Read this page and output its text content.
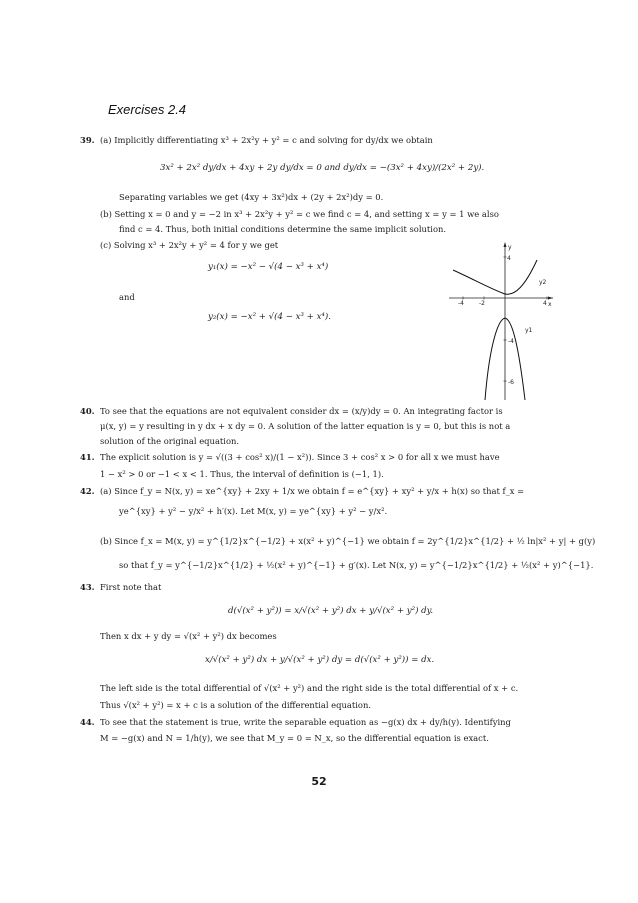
Exercises 2.4
39. (a) Implicitly differentiating x³ + 2x²y + y² = c and solving for dy/dx we obtain
3x² + 2x² dy/dx + 4xy + 2y dy/dx = 0 and dy/dx = −(3x² + 4xy)/(2x² + 2y).
Separating variables we get (4xy + 3x²)dx + (2y + 2x²)dy = 0.
(b) Setting x = 0 and y = −2 in x³ + 2x²y + y² = c we find c = 4, and setting x = y = 1 we also
find c = 4. Thus, both initial conditions determine the same implicit solution.
(c) Solving x³ + 2x²y + y² = 4 for y we get
y₁(x) = −x² − √(4 − x³ + x⁴)
and
y₂(x) = −x² + √(4 − x³ + x⁴).
y
x
4
-4	-2	4
-4
-6
y2
y1
40. To see that the equations are not equivalent consider dx = (x/y)dy = 0. An integrating factor is
μ(x, y) = y resulting in y dx + x dy = 0. A solution of the latter equation is y = 0, but this is not a
solution of the original equation.
41. The explicit solution is y = √((3 + cos² x)/(1 − x²)). Since 3 + cos² x > 0 for all x we must have
1 − x² > 0 or −1 < x < 1. Thus, the interval of definition is (−1, 1).
42. (a) Since f_y = N(x, y) = xe^{xy} + 2xy + 1/x we obtain f = e^{xy} + xy² + y/x + h(x) so that f_x =
ye^{xy} + y² − y/x² + h′(x). Let M(x, y) = ye^{xy} + y² − y/x².
(b) Since f_x = M(x, y) = y^{1/2}x^{−1/2} + x(x² + y)^{−1} we obtain f = 2y^{1/2}x^{1/2} + ½ ln|x² + y| + g(y)
so that f_y = y^{−1/2}x^{1/2} + ½(x² + y)^{−1} + g′(x). Let N(x, y) = y^{−1/2}x^{1/2} + ½(x² + y)^{−1}.
43. First note that
d(√(x² + y²)) = x/√(x² + y²) dx + y/√(x² + y²) dy.
Then x dx + y dy = √(x² + y²) dx becomes
x/√(x² + y²) dx + y/√(x² + y²) dy = d(√(x² + y²)) = dx.
The left side is the total differential of √(x² + y²) and the right side is the total differential of x + c.
Thus √(x² + y²) = x + c is a solution of the differential equation.
44. To see that the statement is true, write the separable equation as −g(x) dx + dy/h(y). Identifying
M = −g(x) and N = 1/h(y), we see that M_y = 0 = N_x, so the differential equation is exact.
52
